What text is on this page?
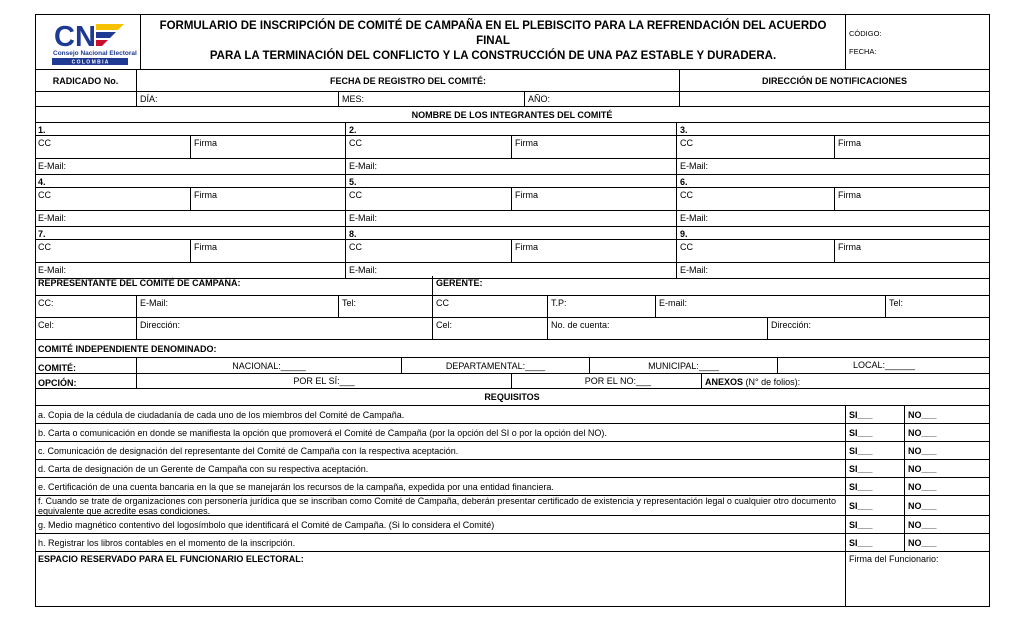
CN
Consejo Nacional Electoral
C O L O M B I A
FORMULARIO DE INSCRIPCIÓN DE COMITÉ DE CAMPAÑA EN EL PLEBISCITO PARA LA REFRENDACIÓN DEL ACUERDO FINAL
PARA LA TERMINACIÓN DEL CONFLICTO Y LA CONSTRUCCIÓN DE UNA PAZ ESTABLE Y DURADERA.
CÓDIGO:
FECHA:
RADICADO No.	FECHA DE REGISTRO DEL COMITÉ:	DIRECCIÓN DE NOTIFICACIONES
DÍA:	MES:	AÑO:
NOMBRE DE LOS INTEGRANTES DEL COMITÉ
1.
CC	Firma
E-Mail:
2.
CC	Firma
E-Mail:
3.
CC	Firma
E-Mail:
4.
CC	Firma
E-Mail:
5.
CC	Firma
E-Mail:
6.
CC	Firma
E-Mail:
7.
CC	Firma
E-Mail:
8.
CC	Firma
E-Mail:
9.
CC	Firma
E-Mail:
REPRESENTANTE DEL COMITÉ DE CAMPAÑA:	GERENTE:
CC:	E-Mail:	Tel:	CC	T.P:	E-mail:	Tel:
Cel:	Dirección:	Cel:	No. de cuenta:	Dirección:
COMITÉ INDEPENDIENTE DENOMINADO:
COMITÉ:	NACIONAL:_____	DEPARTAMENTAL:____	MUNICIPAL:____	LOCAL:______
OPCIÓN:	POR EL SÍ:___	POR EL NO:___	ANEXOS (N° de folios):
REQUISITOS
a. Copia de la cédula de ciudadanía de cada uno de los miembros del Comité de Campaña.	SI___	NO___
b. Carta o comunicación en donde se manifiesta la opción que promoverá el Comité de Campaña (por la opción del SI o por la opción del NO).	SI___	NO___
c. Comunicación de designación del representante del Comité de Campaña con la respectiva aceptación.	SI___	NO___
d. Carta de designación de un Gerente de Campaña con su respectiva aceptación.	SI___	NO___
e. Certificación de una cuenta bancaria en la que se manejarán los recursos de la campaña, expedida por una entidad financiera.	SI___	NO___
f. Cuando se trate de organizaciones con personería jurídica que se inscriban como Comité de Campaña, deberán presentar certificado de existencia y representación legal o cualquier otro documento equivalente que acredite esas condiciones.	SI___	NO___
g. Medio magnético contentivo del logosímbolo que identificará el Comité de Campaña. (Si lo considera el Comité)	SI___	NO___
h. Registrar los libros contables en el momento de la inscripción.	SI___	NO___
ESPACIO RESERVADO PARA EL FUNCIONARIO ELECTORAL:	Firma del Funcionario:
